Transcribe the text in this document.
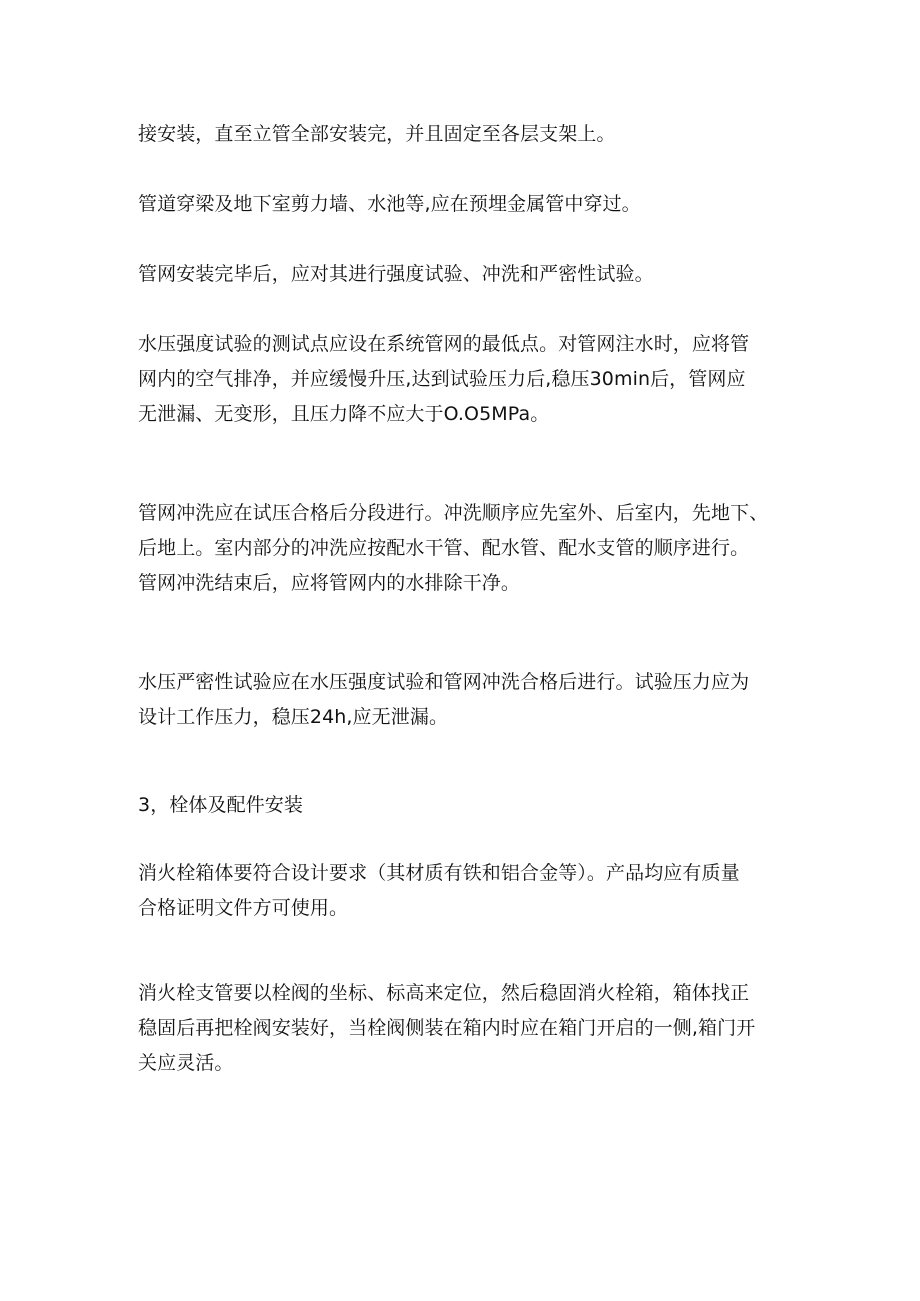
接安装，直至立管全部安装完，并且固定至各层支架上。

管道穿梁及地下室剪力墙、水池等,应在预埋金属管中穿过。

管网安装完毕后，应对其进行强度试验、冲洗和严密性试验。

水压强度试验的测试点应设在系统管网的最低点。对管网注水时，应将管
网内的空气排净，并应缓慢升压,达到试验压力后,稳压30min后，管网应
无泄漏、无变形，且压力降不应大于O.O5MPa。

管网冲洗应在试压合格后分段进行。冲洗顺序应先室外、后室内，先地下、
后地上。室内部分的冲洗应按配水干管、配水管、配水支管的顺序进行。
管网冲洗结束后，应将管网内的水排除干净。

水压严密性试验应在水压强度试验和管网冲洗合格后进行。试验压力应为
设计工作压力，稳压24h,应无泄漏。

3，栓体及配件安装

消火栓箱体要符合设计要求（其材质有铁和铝合金等）。产品均应有质量
合格证明文件方可使用。

消火栓支管要以栓阀的坐标、标高来定位，然后稳固消火栓箱，箱体找正
稳固后再把栓阀安装好，当栓阀侧装在箱内时应在箱门开启的一侧,箱门开
关应灵活。
